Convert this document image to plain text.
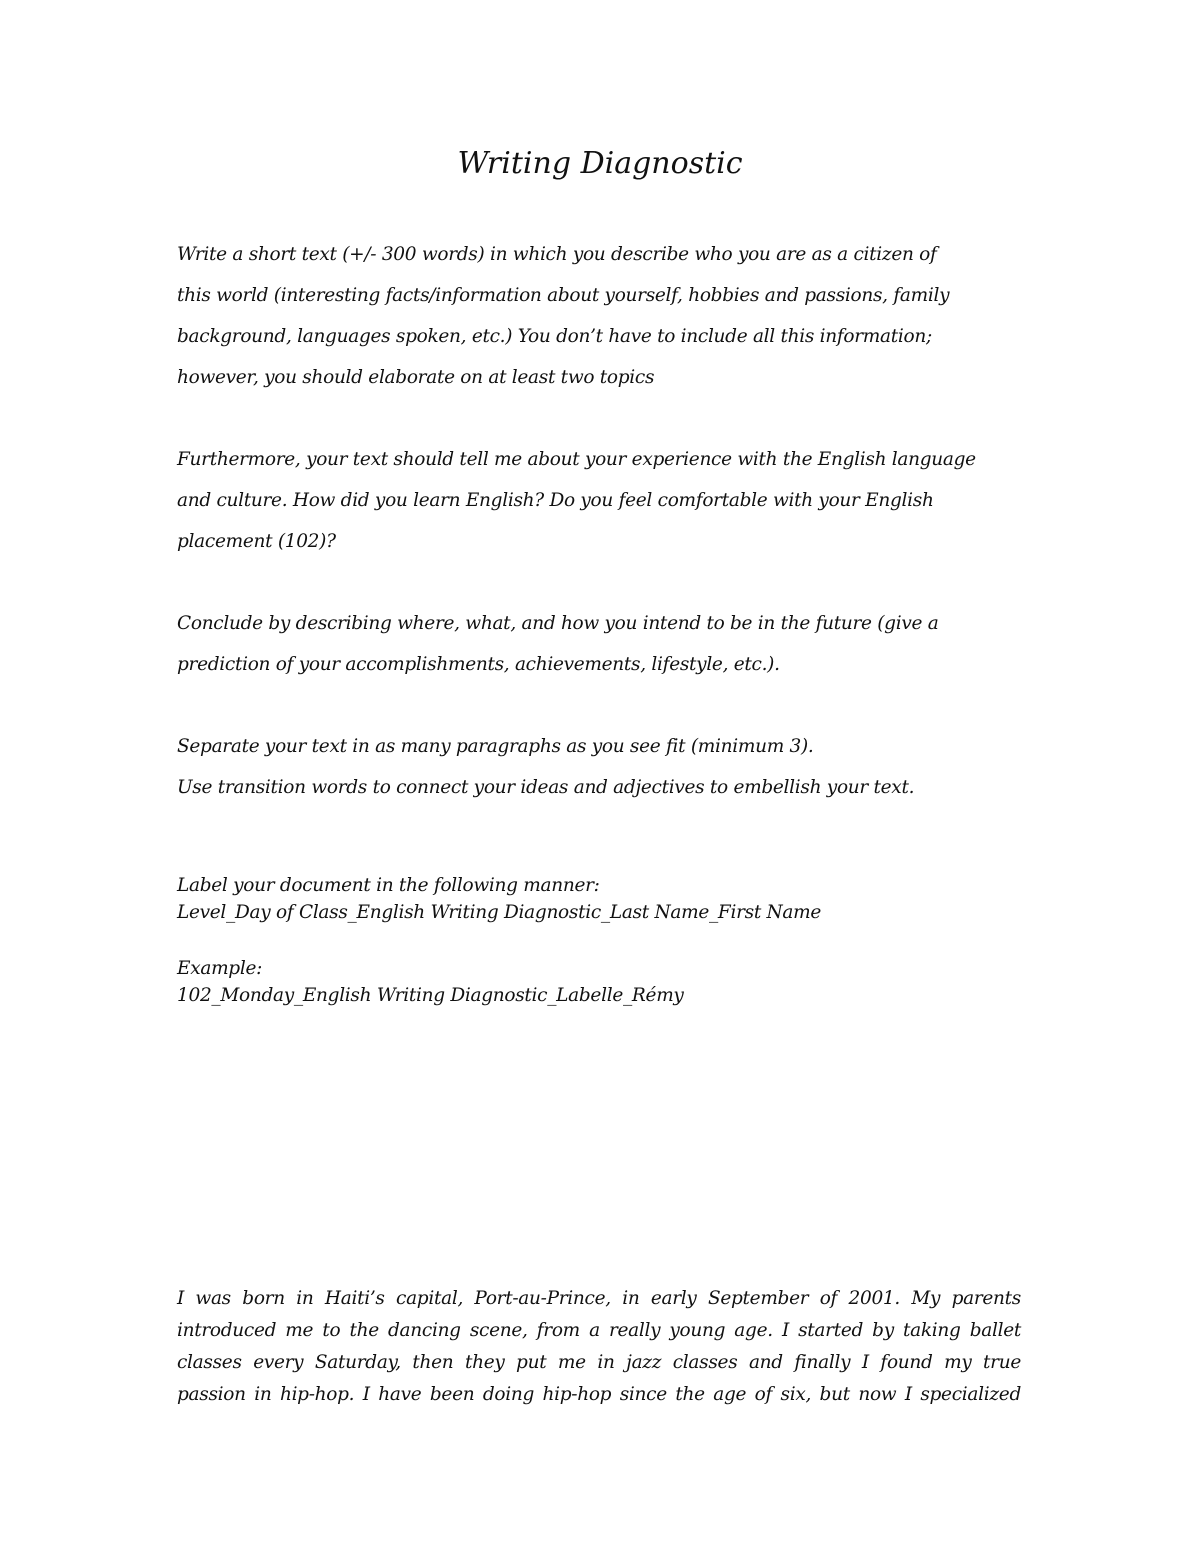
Writing Diagnostic
Write a short text (+/- 300 words) in which you describe who you are as a citizen of
this world (interesting facts/information about yourself, hobbies and passions, family
background, languages spoken, etc.) You don’t have to include all this information;
however, you should elaborate on at least two topics
Furthermore, your text should tell me about your experience with the English language
and culture. How did you learn English? Do you feel comfortable with your English
placement (102)?
Conclude by describing where, what, and how you intend to be in the future (give a
prediction of your accomplishments, achievements, lifestyle, etc.).
Separate your text in as many paragraphs as you see fit (minimum 3).
Use transition words to connect your ideas and adjectives to embellish your text.
Label your document in the following manner:
Level_Day of Class_English Writing Diagnostic_Last Name_First Name
Example:
102_Monday_English Writing Diagnostic_Labelle_Rémy
I was born in Haiti’s capital, Port-au-Prince, in early September of 2001. My parents
introduced me to the dancing scene, from a really young age. I started by taking ballet
classes every Saturday, then they put me in jazz classes and finally I found my true
passion in hip-hop. I have been doing hip-hop since the age of six, but now I specialized
